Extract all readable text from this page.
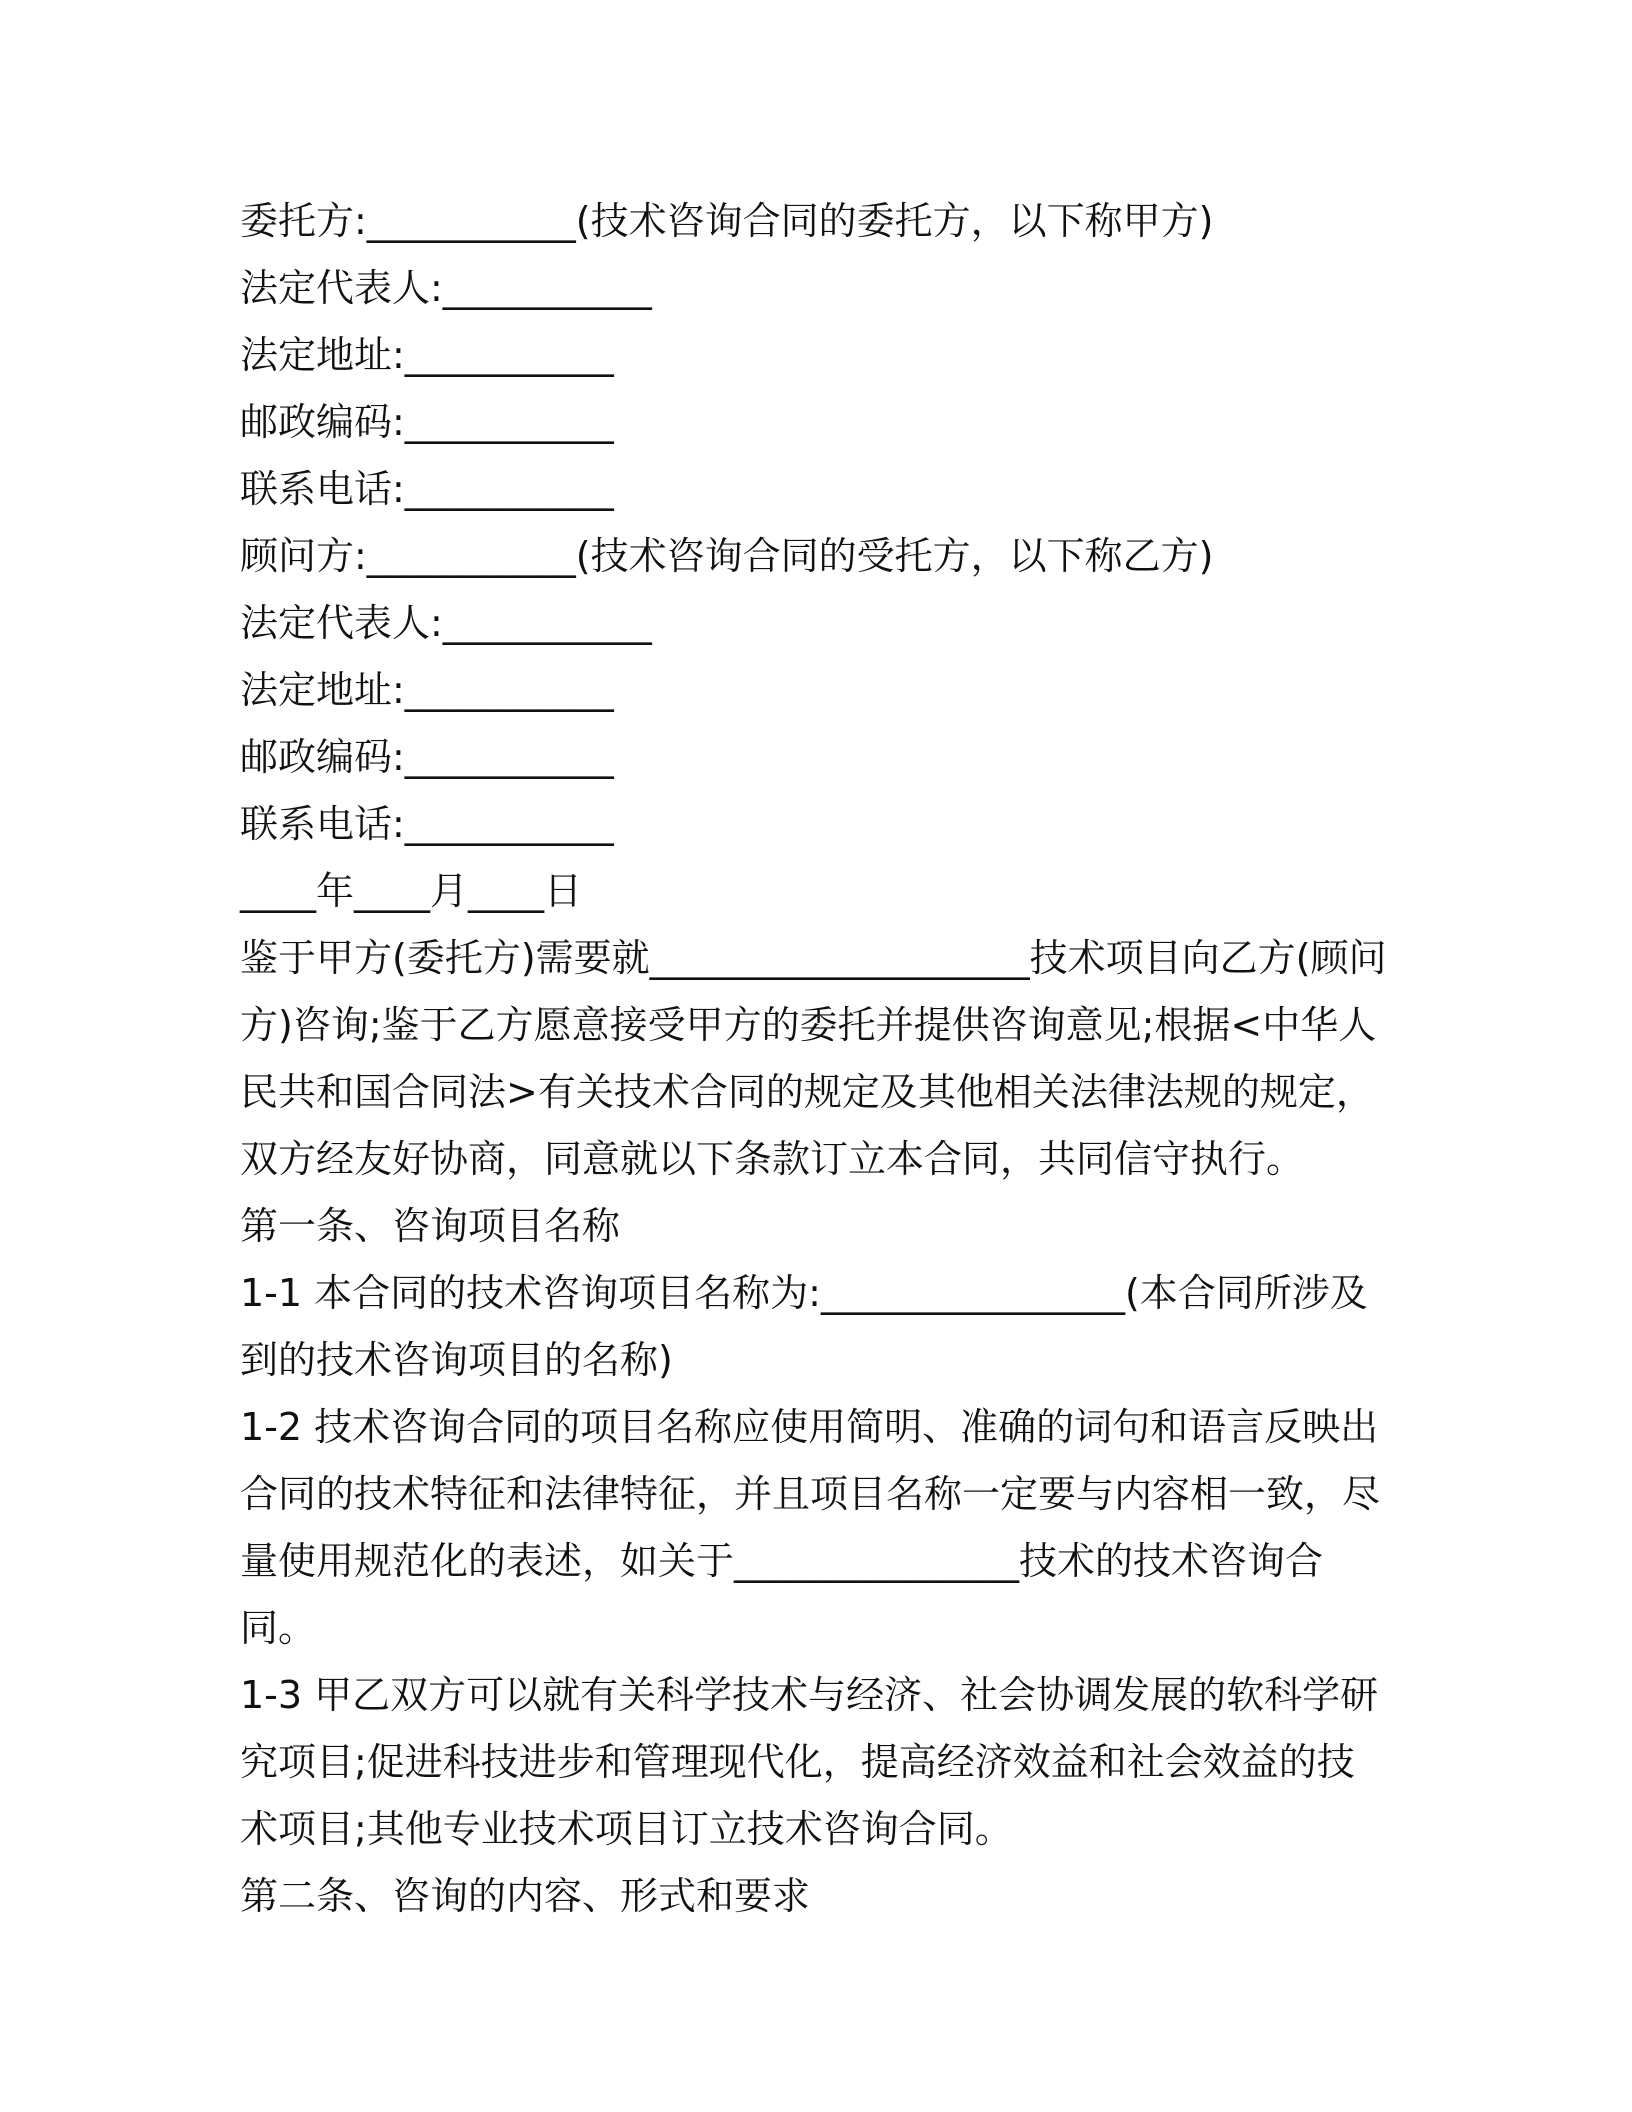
委托方:___________(技术咨询合同的委托方，以下称甲方)

法定代表人:___________

法定地址:___________

邮政编码:___________

联系电话:___________

顾问方:___________(技术咨询合同的受托方，以下称乙方)

法定代表人:___________

法定地址:___________

邮政编码:___________

联系电话:___________

____年____月____日

鉴于甲方(委托方)需要就____________________技术项目向乙方(顾问方)咨询;鉴于乙方愿意接受甲方的委托并提供咨询意见;根据<中华人民共和国合同法>有关技术合同的规定及其他相关法律法规的规定，双方经友好协商，同意就以下条款订立本合同，共同信守执行。

第一条、咨询项目名称

1-1 本合同的技术咨询项目名称为:________________(本合同所涉及到的技术咨询项目的名称)

1-2 技术咨询合同的项目名称应使用简明、准确的词句和语言反映出合同的技术特征和法律特征，并且项目名称一定要与内容相一致，尽量使用规范化的表述，如关于_______________技术的技术咨询合同。

1-3 甲乙双方可以就有关科学技术与经济、社会协调发展的软科学研究项目;促进科技进步和管理现代化，提高经济效益和社会效益的技术项目;其他专业技术项目订立技术咨询合同。

第二条、咨询的内容、形式和要求
